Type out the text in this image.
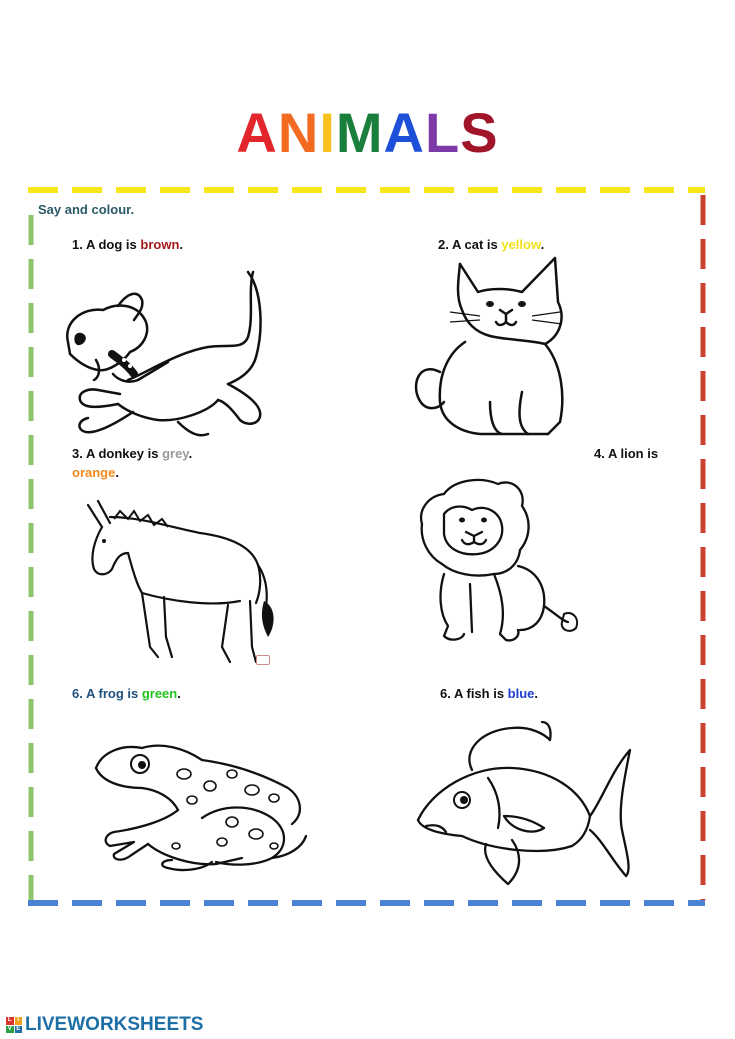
ANIMALS
Say and colour.
1. A dog is brown.	2. A cat is yellow.
3. A donkey is grey.	4. A lion is
orange.
6. A frog is green.	6. A fish is blue.
L I
V E LIVEWORKSHEETS
